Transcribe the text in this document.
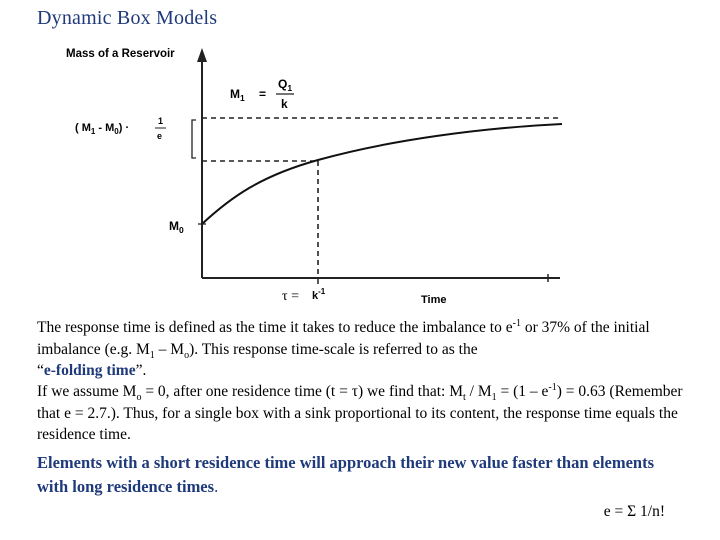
Dynamic Box Models
Mass of a Reservoir
$M_1$ =
$Q_1$
k
( $M_1 - M_0$) ·
1
e
$M_0$
$\tau = k^{-1}$
Time
The response time is defined as the time it takes to reduce the imbalance to $e^{-1}$ or 37% of the initial imbalance (e.g. $M_1 - M_o$). This response time-scale is referred to as the
“e-folding time”.
If we assume $M_o = 0$, after one residence time (t = τ) we find that: $M_t / M_1 = (1 - e^{-1}) = 0.63$ (Remember that e = 2.7.). Thus, for a single box with a sink proportional to its content, the response time equals the residence time.
Elements with a short residence time will approach their new value faster than elements with long residence times.
e = Σ 1/n!
